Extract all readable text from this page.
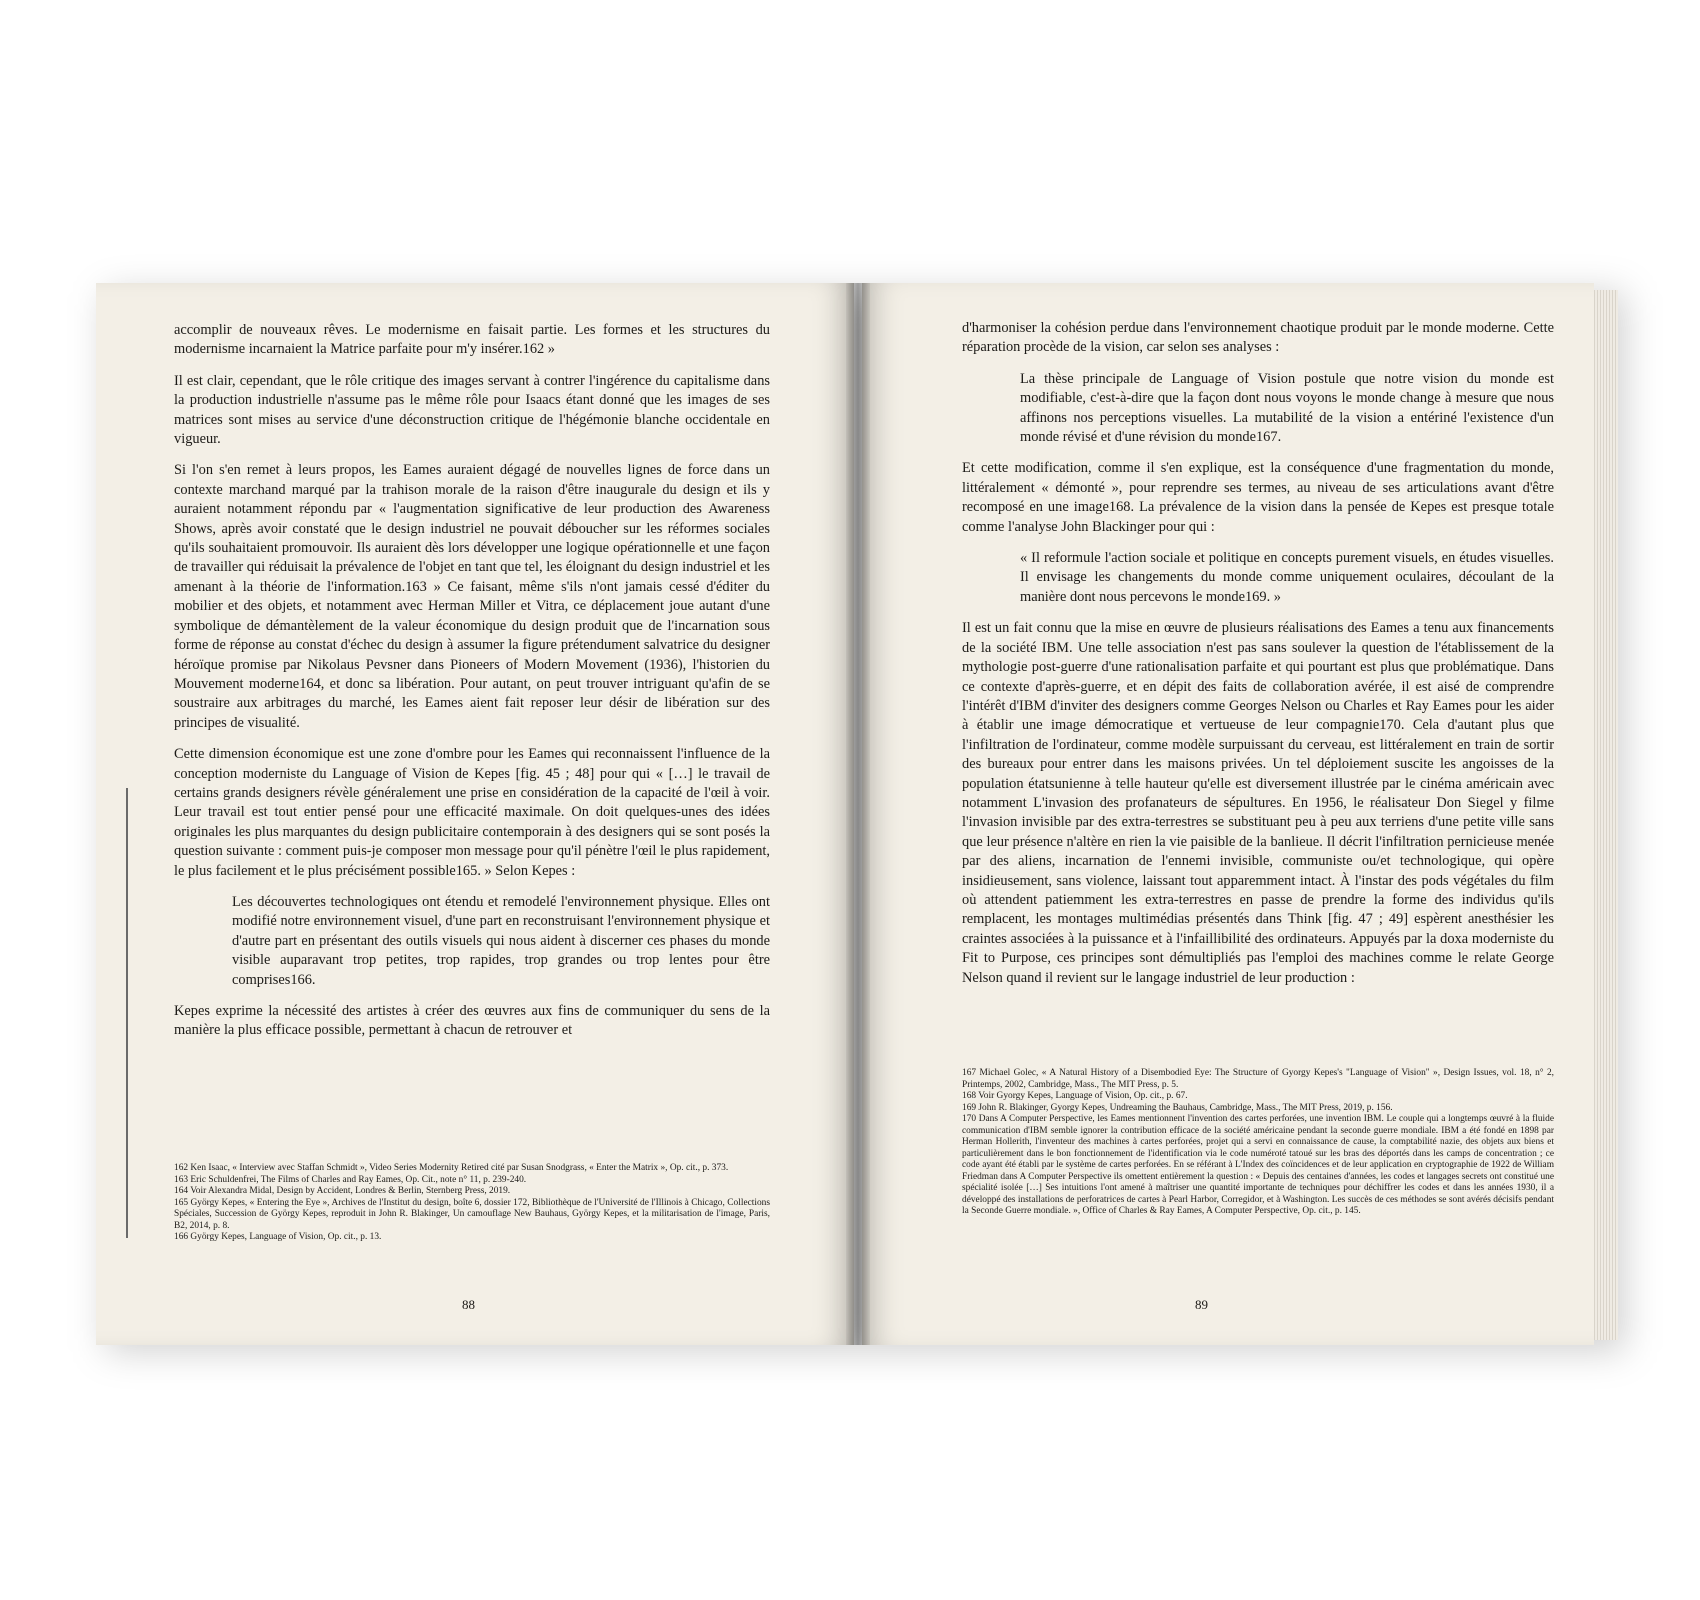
accomplir de nouveaux rêves. Le modernisme en faisait partie. Les formes et les structures du modernisme incarnaient la Matrice parfaite pour m'y insérer.162 »

Il est clair, cependant, que le rôle critique des images servant à contrer l'ingérence du capitalisme dans la production industrielle n'assume pas le même rôle pour Isaacs étant donné que les images de ses matrices sont mises au service d'une déconstruction critique de l'hégémonie blanche occidentale en vigueur.

Si l'on s'en remet à leurs propos, les Eames auraient dégagé de nouvelles lignes de force dans un contexte marchand marqué par la trahison morale de la raison d'être inaugurale du design et ils y auraient notamment répondu par « l'augmentation significative de leur production des Awareness Shows, après avoir constaté que le design industriel ne pouvait déboucher sur les réformes sociales qu'ils souhaitaient promouvoir. Ils auraient dès lors développer une logique opérationnelle et une façon de travailler qui réduisait la prévalence de l'objet en tant que tel, les éloignant du design industriel et les amenant à la théorie de l'information.163 » Ce faisant, même s'ils n'ont jamais cessé d'éditer du mobilier et des objets, et notamment avec Herman Miller et Vitra, ce déplacement joue autant d'une symbolique de démantèlement de la valeur économique du design produit que de l'incarnation sous forme de réponse au constat d'échec du design à assumer la figure prétendument salvatrice du designer héroïque promise par Nikolaus Pevsner dans Pioneers of Modern Movement (1936), l'historien du Mouvement moderne164, et donc sa libération. Pour autant, on peut trouver intriguant qu'afin de se soustraire aux arbitrages du marché, les Eames aient fait reposer leur désir de libération sur des principes de visualité.

Cette dimension économique est une zone d'ombre pour les Eames qui reconnaissent l'influence de la conception moderniste du Language of Vision de Kepes [fig. 45 ; 48] pour qui « […] le travail de certains grands designers révèle généralement une prise en considération de la capacité de l'œil à voir. Leur travail est tout entier pensé pour une efficacité maximale. On doit quelques-unes des idées originales les plus marquantes du design publicitaire contemporain à des designers qui se sont posés la question suivante : comment puis-je composer mon message pour qu'il pénètre l'œil le plus rapidement, le plus facilement et le plus précisément possible165. » Selon Kepes :

Les découvertes technologiques ont étendu et remodelé l'environnement physique. Elles ont modifié notre environnement visuel, d'une part en reconstruisant l'environnement physique et d'autre part en présentant des outils visuels qui nous aident à discerner ces phases du monde visible auparavant trop petites, trop rapides, trop grandes ou trop lentes pour être comprises166.

Kepes exprime la nécessité des artistes à créer des œuvres aux fins de communiquer du sens de la manière la plus efficace possible, permettant à chacun de retrouver et

162 Ken Isaac, « Interview avec Staffan Schmidt », Video Series Modernity Retired cité par Susan Snodgrass, « Enter the Matrix », Op. cit., p. 373.

163 Eric Schuldenfrei, The Films of Charles and Ray Eames, Op. Cit., note n° 11, p. 239-240.

164 Voir Alexandra Midal, Design by Accident, Londres & Berlin, Sternberg Press, 2019.

165 György Kepes, « Entering the Eye », Archives de l'Institut du design, boîte 6, dossier 172, Bibliothèque de l'Université de l'Illinois à Chicago, Collections Spéciales, Succession de György Kepes, reproduit in John R. Blakinger, Un camouflage New Bauhaus, György Kepes, et la militarisation de l'image, Paris, B2, 2014, p. 8.

166 György Kepes, Language of Vision, Op. cit., p. 13.

88

d'harmoniser la cohésion perdue dans l'environnement chaotique produit par le monde moderne. Cette réparation procède de la vision, car selon ses analyses :

La thèse principale de Language of Vision postule que notre vision du monde est modifiable, c'est-à-dire que la façon dont nous voyons le monde change à mesure que nous affinons nos perceptions visuelles. La mutabilité de la vision a entériné l'existence d'un monde révisé et d'une révision du monde167.

Et cette modification, comme il s'en explique, est la conséquence d'une fragmentation du monde, littéralement « démonté », pour reprendre ses termes, au niveau de ses articulations avant d'être recomposé en une image168. La prévalence de la vision dans la pensée de Kepes est presque totale comme l'analyse John Blackinger pour qui :

« Il reformule l'action sociale et politique en concepts purement visuels, en études visuelles. Il envisage les changements du monde comme uniquement oculaires, découlant de la manière dont nous percevons le monde169. »

Il est un fait connu que la mise en œuvre de plusieurs réalisations des Eames a tenu aux financements de la société IBM. Une telle association n'est pas sans soulever la question de l'établissement de la mythologie post-guerre d'une rationalisation parfaite et qui pourtant est plus que problématique. Dans ce contexte d'après-guerre, et en dépit des faits de collaboration avérée, il est aisé de comprendre l'intérêt d'IBM d'inviter des designers comme Georges Nelson ou Charles et Ray Eames pour les aider à établir une image démocratique et vertueuse de leur compagnie170. Cela d'autant plus que l'infiltration de l'ordinateur, comme modèle surpuissant du cerveau, est littéralement en train de sortir des bureaux pour entrer dans les maisons privées. Un tel déploiement suscite les angoisses de la population étatsunienne à telle hauteur qu'elle est diversement illustrée par le cinéma américain avec notamment L'invasion des profanateurs de sépultures. En 1956, le réalisateur Don Siegel y filme l'invasion invisible par des extra-terrestres se substituant peu à peu aux terriens d'une petite ville sans que leur présence n'altère en rien la vie paisible de la banlieue. Il décrit l'infiltration pernicieuse menée par des aliens, incarnation de l'ennemi invisible, communiste ou/et technologique, qui opère insidieusement, sans violence, laissant tout apparemment intact. À l'instar des pods végétales du film où attendent patiemment les extra-terrestres en passe de prendre la forme des individus qu'ils remplacent, les montages multimédias présentés dans Think [fig. 47 ; 49] espèrent anesthésier les craintes associées à la puissance et à l'infaillibilité des ordinateurs. Appuyés par la doxa moderniste du Fit to Purpose, ces principes sont démultipliés pas l'emploi des machines comme le relate George Nelson quand il revient sur le langage industriel de leur production :

167 Michael Golec, « A Natural History of a Disembodied Eye: The Structure of Gyorgy Kepes's "Language of Vision" », Design Issues, vol. 18, n° 2, Printemps, 2002, Cambridge, Mass., The MIT Press, p. 5.

168 Voir Gyorgy Kepes, Language of Vision, Op. cit., p. 67.

169 John R. Blakinger, Gyorgy Kepes, Undreaming the Bauhaus, Cambridge, Mass., The MIT Press, 2019, p. 156.

170 Dans A Computer Perspective, les Eames mentionnent l'invention des cartes perforées, une invention IBM. Le couple qui a longtemps œuvré à la fluide communication d'IBM semble ignorer la contribution efficace de la société américaine pendant la seconde guerre mondiale. IBM a été fondé en 1898 par Herman Hollerith, l'inventeur des machines à cartes perforées, projet qui a servi en connaissance de cause, la comptabilité nazie, des objets aux biens et particulièrement dans le bon fonctionnement de l'identification via le code numéroté tatoué sur les bras des déportés dans les camps de concentration ; ce code ayant été établi par le système de cartes perforées. En se référant à L'Index des coïncidences et de leur application en cryptographie de 1922 de William Friedman dans A Computer Perspective ils omettent entièrement la question : « Depuis des centaines d'années, les codes et langages secrets ont constitué une spécialité isolée […] Ses intuitions l'ont amené à maîtriser une quantité importante de techniques pour déchiffrer les codes et dans les années 1930, il a développé des installations de perforatrices de cartes à Pearl Harbor, Corregidor, et à Washington. Les succès de ces méthodes se sont avérés décisifs pendant la Seconde Guerre mondiale. », Office of Charles & Ray Eames, A Computer Perspective, Op. cit., p. 145.

89
